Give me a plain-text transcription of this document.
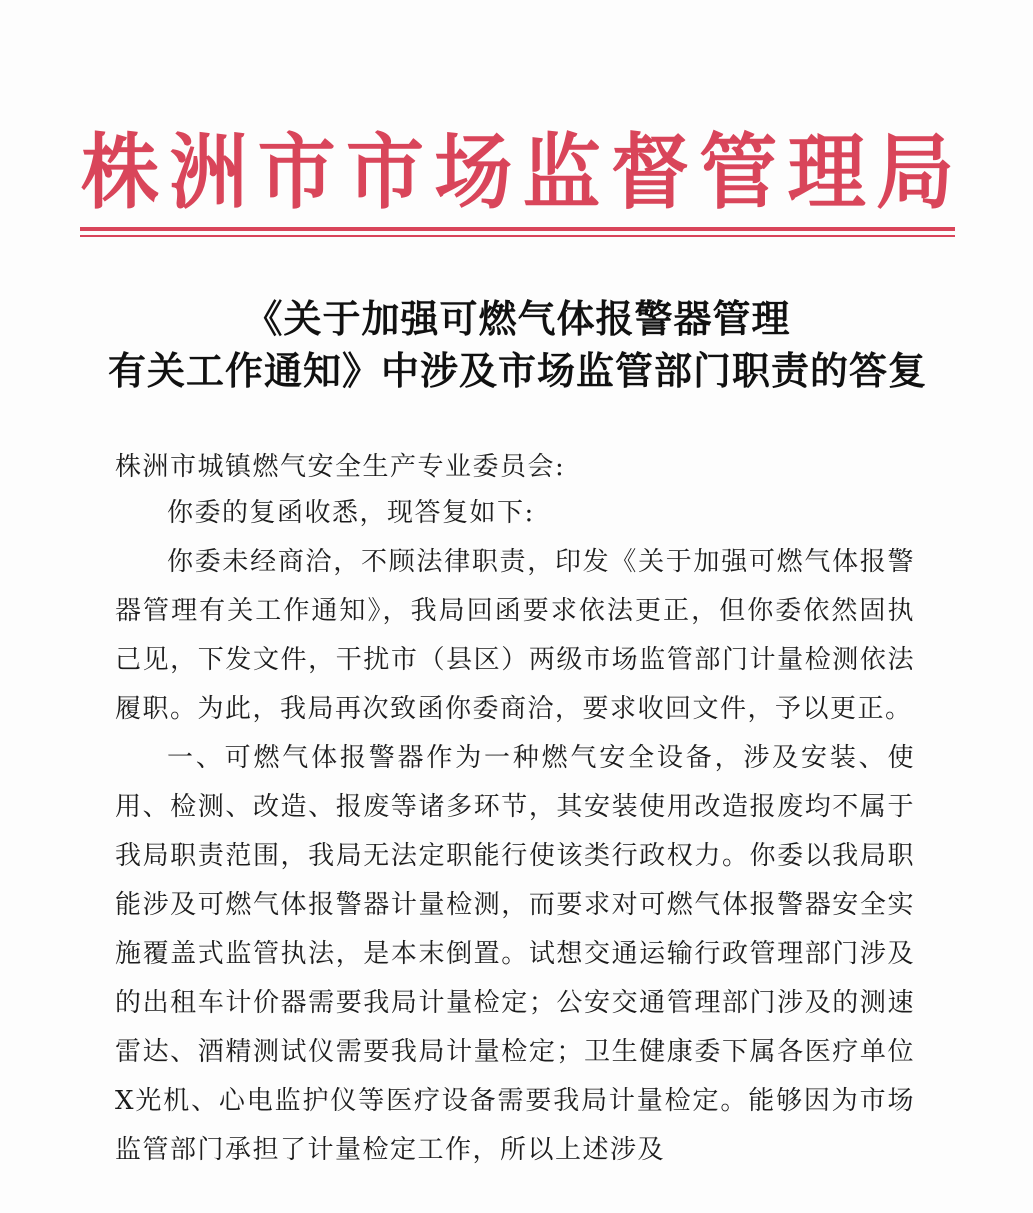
株 洲 市 市 场 监 督 管 理 局
《关于加强可燃气体报警器管理
有关工作通知》中涉及市场监管部门职责的答复
株洲市城镇燃气安全生产专业委员会:

你委的复函收悉，现答复如下:

你委未经商洽，不顾法律职责，印发《关于加强可燃气体报警器管理有关工作通知》，我局回函要求依法更正，但你委依然固执己见，下发文件，干扰市（县区）两级市场监管部门计量检测依法履职。为此，我局再次致函你委商洽，要求收回文件，予以更正。

一、可燃气体报警器作为一种燃气安全设备，涉及安装、使用、检测、改造、报废等诸多环节，其安装使用改造报废均不属于我局职责范围，我局无法定职能行使该类行政权力。你委以我局职能涉及可燃气体报警器计量检测，而要求对可燃气体报警器安全实施覆盖式监管执法，是本末倒置。试想交通运输行政管理部门涉及的出租车计价器需要我局计量检定；公安交通管理部门涉及的测速雷达、酒精测试仪需要我局计量检定；卫生健康委下属各医疗单位X光机、心电监护仪等医疗设备需要我局计量检定。能够因为市场监管部门承担了计量检定工作，所以上述涉及
